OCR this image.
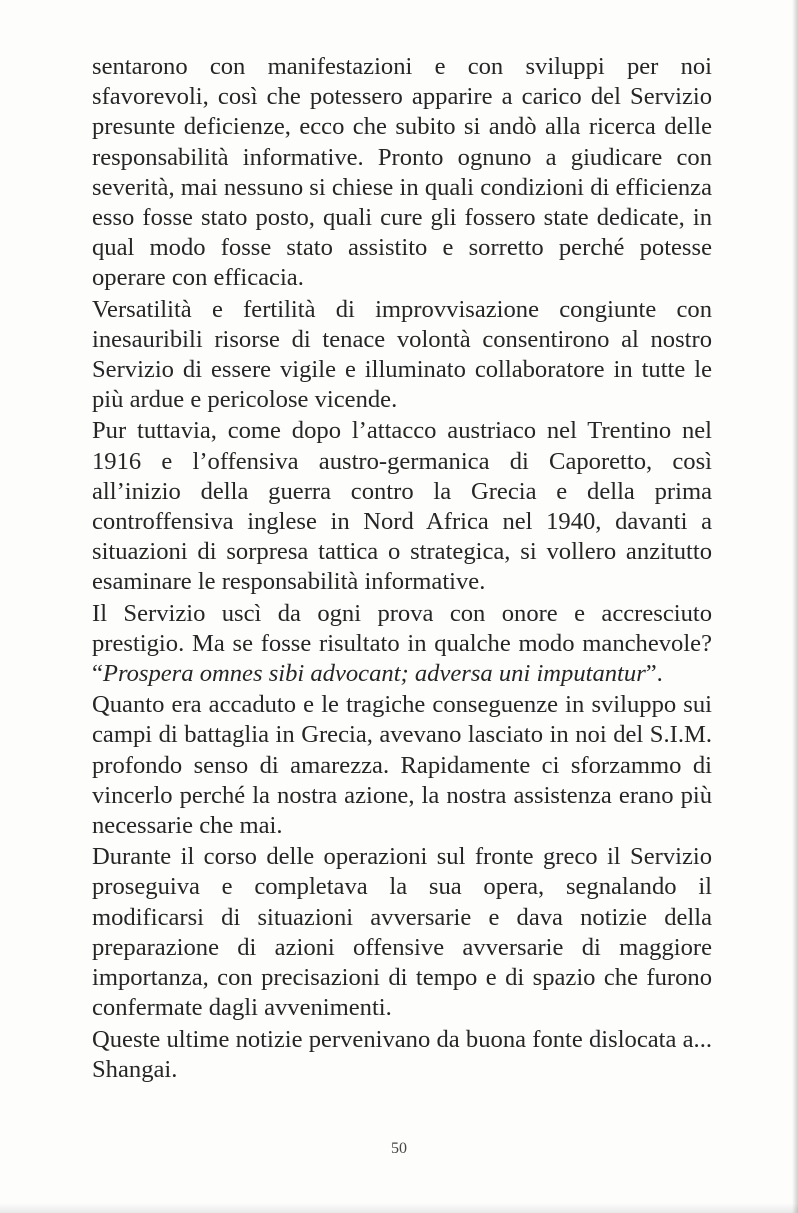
sentarono con manifestazioni e con sviluppi per noi sfavorevoli, così che potessero apparire a carico del Servizio presunte deficienze, ecco che subito si andò alla ricerca delle responsabilità informative. Pronto ognuno a giudicare con severità, mai nessuno si chiese in quali condizioni di efficienza esso fosse stato posto, quali cure gli fossero state dedicate, in qual modo fosse stato assistito e sorretto perché potesse operare con efficacia.

Versatilità e fertilità di improvvisazione congiunte con inesauribili risorse di tenace volontà consentirono al nostro Servizio di essere vigile e illuminato collaboratore in tutte le più ardue e pericolose vicende.

Pur tuttavia, come dopo l’attacco austriaco nel Trentino nel 1916 e l’offensiva austro-germanica di Caporetto, così all’inizio della guerra contro la Grecia e della prima controffensiva inglese in Nord Africa nel 1940, davanti a situazioni di sorpresa tattica o strategica, si vollero anzitutto esaminare le responsabilità informative.

Il Servizio uscì da ogni prova con onore e accresciuto prestigio. Ma se fosse risultato in qualche modo manchevole? “Prospera omnes sibi advocant; adversa uni imputantur”.

Quanto era accaduto e le tragiche conseguenze in sviluppo sui campi di battaglia in Grecia, avevano lasciato in noi del S.I.M. profondo senso di amarezza. Rapidamente ci sforzammo di vincerlo perché la nostra azione, la nostra assistenza erano più necessarie che mai.

Durante il corso delle operazioni sul fronte greco il Servizio proseguiva e completava la sua opera, segnalando il modificarsi di situazioni avversarie e dava notizie della preparazione di azioni offensive avversarie di maggiore importanza, con precisazioni di tempo e di spazio che furono confermate dagli avvenimenti.

Queste ultime notizie pervenivano da buona fonte dislocata a... Shangai.

50
